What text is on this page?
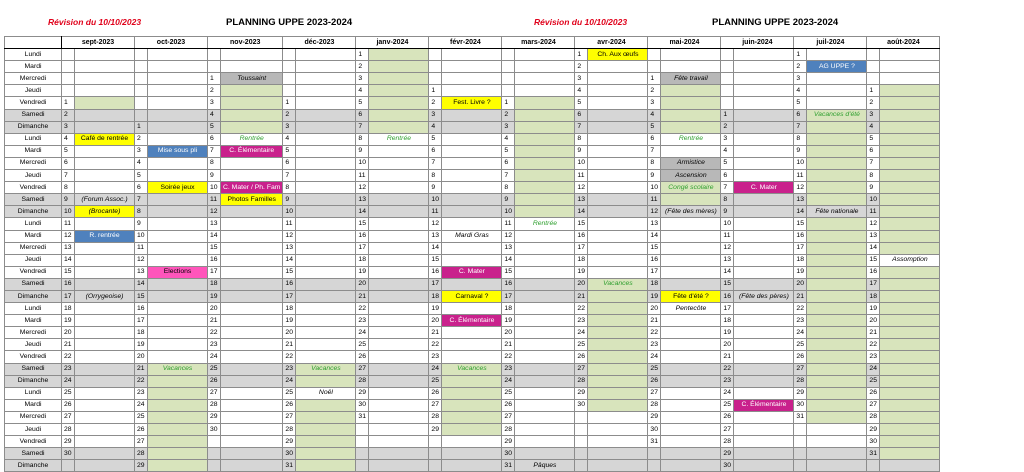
Révision du 10/10/2023	PLANNING UPPE 2023-2024	Révision du 10/10/2023	PLANNING UPPE 2023-2024
	sept-2023		oct-2023		nov-2023		déc-2023		janv-2024		févr-2024		mars-2024		avr-2024		mai-2024		juin-2024		juil-2024		août-2024	
Lundi									1						1	Ch. Aux œufs					1			
Mardi									2						2						2	AG UPPE ?		
Mercredi					1	Toussaint			3						3		1	Fête travail			3			
Jeudi					2				4		1				4		2				4		1	
Vendredi	1				3		1		5		2	Fest. Livre ?	1		5		3				5		2	
Samedi	2				4		2		6		3		2		6		4		1		6	Vacances d'été	3	
Dimanche	3		1		5		3		7		4		3		7		5		2		7		4	
Lundi	4	Café de rentrée	2		6	Rentrée	4		8	Rentrée	5		4		8		6	Rentrée	3		8		5	
Mardi	5		3	Mise sous pli	7	C. Élémentaire	5		9		6		5		9		7		4		9		6	
Mercredi	6		4		8		6		10		7		6		10		8	Armistice	5		10		7	
Jeudi	7		5		9		7		11		8		7		11		9	Ascension	6		11		8	
Vendredi	8		6	Soirée jeux	10	C. Mater / Ph. Fam	8		12		9		8		12		10	Congé scolaire	7	C. Mater	12		9	
Samedi	9	(Forum Assoc.)	7		11	Photos Familles	9		13		10		9		13		11		8		13		10	
Dimanche	10	(Brocante)	8		12		10		14		11		10		14		12	(Fête des mères)	9		14	Fête nationale	11	
Lundi	11		9		13		11		15		12		11	Rentrée	15		13		10		15		12	
Mardi	12	R. rentrée	10		14		12		16		13	Mardi Gras	12		16		14		11		16		13	
Mercredi	13		11		15		13		17		14		13		17		15		12		17		14	
Jeudi	14		12		16		14		18		15		14		18		16		13		18		15	Assomption
Vendredi	15		13	Elections	17		15		19		16	C. Mater	15		19		17		14		19		16	
Samedi	16		14		18		16		20		17		16		20	Vacances	18		15		20		17	
Dimanche	17	(Orrygeoise)	15		19		17		21		18	Carnaval ?	17		21		19	Fête d'été ?	16	(Fête des pères)	21		18	
Lundi	18		16		20		18		22		19		18		22		20	Pentecôte	17		22		19	
Mardi	19		17		21		19		23		20	C. Élémentaire	19		23		21		18		23		20	
Mercredi	20		18		22		20		24		21		20		24		22		19		24		21	
Jeudi	21		19		23		21		25		22		21		25		23		20		25		22	
Vendredi	22		20		24		22		26		23		22		26		24		21		26		23	
Samedi	23		21	Vacances	25		23	Vacances	27		24	Vacances	23		27		25		22		27		24	
Dimanche	24		22		26		24		28		25		24		28		26		23		28		25	
Lundi	25		23		27		25	Noël	29		26		25		29		27		24		29		26	
Mardi	26		24		28		26		30		27		26		30		28		25	C. Élémentaire	30		27	
Mercredi	27		25		29		27		31		28		27				29		26		31		28	
Jeudi	28		26		30		28				29		28				30		27				29	
Vendredi	29		27				29						29				31		28				30	
Samedi	30		28				30						30						29				31	
Dimanche			29				31						31	Pâques					30					
